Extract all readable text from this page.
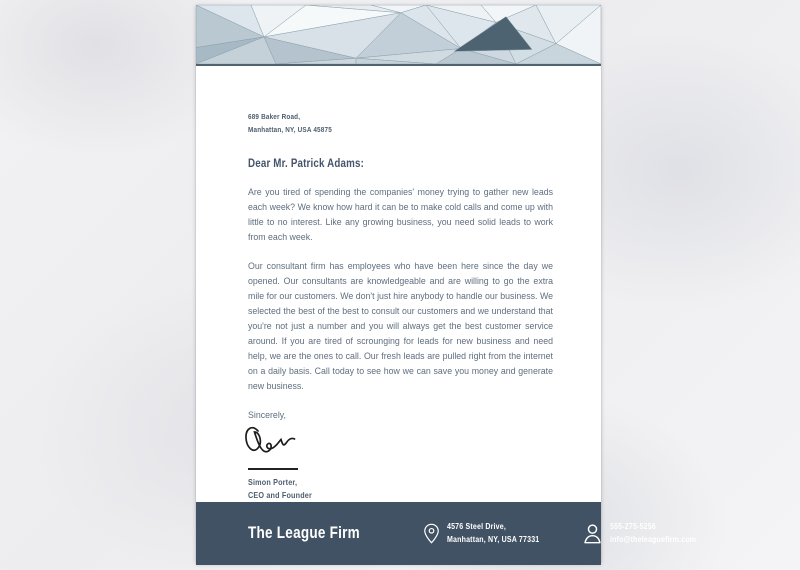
689 Baker Road,
Manhattan, NY, USA 45875
Dear Mr. Patrick Adams:

Are you tired of spending the companies' money trying to gather new leads each week? We know how hard it can be to make cold calls and come up with little to no interest. Like any growing business, you need solid leads to work from each week.

Our consultant firm has employees who have been here since the day we opened. Our consultants are knowledgeable and are willing to go the extra mile for our customers. We don't just hire anybody to handle our business. We selected the best of the best to consult our customers and we understand that you're not just a number and you will always get the best customer service around. If you are tired of scrounging for leads for new business and need help, we are the ones to call. Our fresh leads are pulled right from the internet on a daily basis. Call today to see how we can save you money and generate new business.

Sincerely,
Simon Porter,
CEO and Founder
The League Firm	4576 Steel Drive,
Manhattan, NY, USA 77331
555-275-5256
info@theleaguefirm.com
